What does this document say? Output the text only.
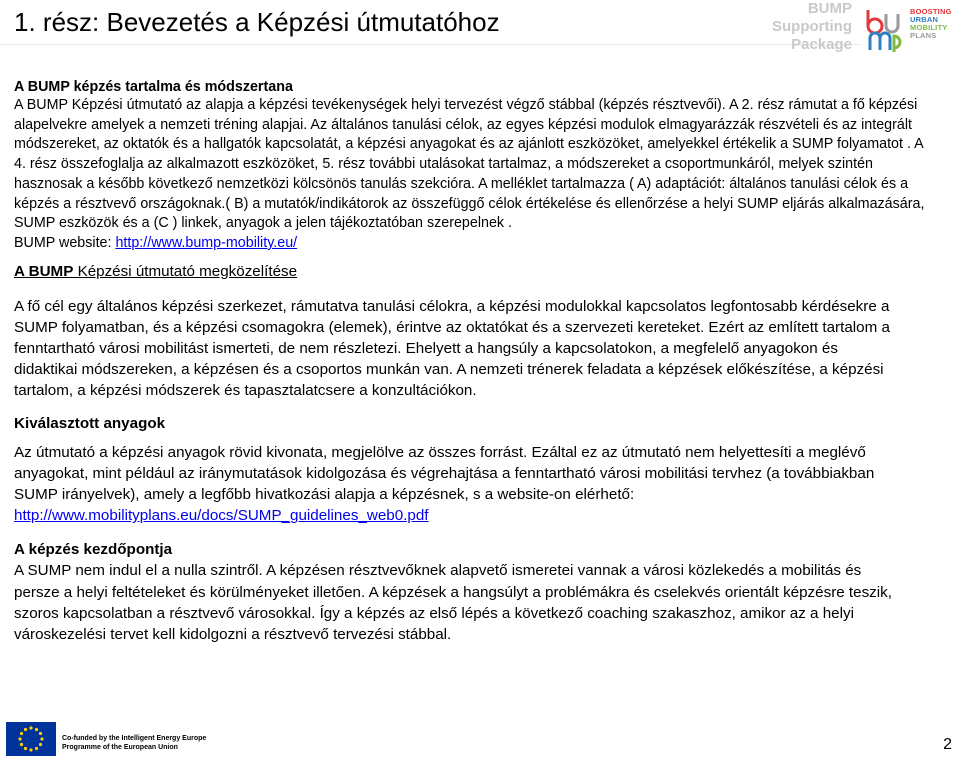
1. rész: Bevezetés a Képzési útmutatóhoz	BUMP
Supporting
Package
BOOSTING
URBAN
MOBILITY
PLANS

A BUMP képzés tartalma és módszertana

A BUMP Képzési útmutató az alapja a képzési tevékenységek helyi tervezést végző stábbal (képzés résztvevői). A 2. rész rámutat a fő képzési
alapelvekre amelyek a nemzeti tréning alapjai. Az általános tanulási célok, az egyes képzési modulok elmagyarázzák részvételi és az integrált
módszereket, az oktatók és a hallgatók kapcsolatát, a képzési anyagokat és az ajánlott eszközöket, amelyekkel értékelik a SUMP folyamatot . A
4. rész összefoglalja az alkalmazott eszközöket, 5. rész további utalásokat tartalmaz, a módszereket a csoportmunkáról, melyek szintén
hasznosak a később következő nemzetközi kölcsönös tanulás szekcióra. A melléklet tartalmazza ( A) adaptációt: általános tanulási célok és a
képzés a résztvevő országoknak.( B) a mutatók/indikátorok az összefüggő célok értékelése és ellenőrzése a helyi SUMP eljárás alkalmazására,
SUMP eszközök és a (C ) linkek, anyagok a jelen tájékoztatóban szerepelnek .
BUMP website: http://www.bump-mobility.eu/

A BUMP Képzési útmutató megközelítése

A fő cél egy általános képzési szerkezet, rámutatva tanulási célokra, a képzési modulokkal kapcsolatos legfontosabb kérdésekre a
SUMP folyamatban, és a képzési csomagokra (elemek), érintve az oktatókat és a szervezeti kereteket. Ezért az említett tartalom a
fenntartható városi mobilitást ismerteti, de nem részletezi. Ehelyett a hangsúly a kapcsolatokon, a megfelelő anyagokon és
didaktikai módszereken, a képzésen és a csoportos munkán van. A nemzeti trénerek feladata a képzések előkészítése, a képzési
tartalom, a képzési módszerek és tapasztalatcsere a konzultációkon.

Kiválasztott anyagok

Az útmutató a képzési anyagok rövid kivonata, megjelölve az összes forrást. Ezáltal ez az útmutató nem helyettesíti a meglévő
anyagokat, mint például az iránymutatások kidolgozása és végrehajtása a fenntartható városi mobilitási tervhez (a továbbiakban
SUMP irányelvek), amely a legfőbb hivatkozási alapja a képzésnek, s a website-on elérhető:
http://www.mobilityplans.eu/docs/SUMP_guidelines_web0.pdf

A képzés kezdőpontja

A SUMP nem indul el a nulla szintről. A képzésen résztvevőknek alapvető ismeretei vannak a városi közlekedés a mobilitás és
persze a helyi feltételeket és körülményeket illetően. A képzések a hangsúlyt a problémákra és cselekvés orientált képzésre teszik,
szoros kapcsolatban a résztvevő városokkal. Így a képzés az első lépés a következő coaching szakaszhoz, amikor az a helyi
városkezelési tervet kell kidolgozni a résztvevő tervezési stábbal.
Co-funded by the Intelligent Energy Europe
Programme of the European Union	2
